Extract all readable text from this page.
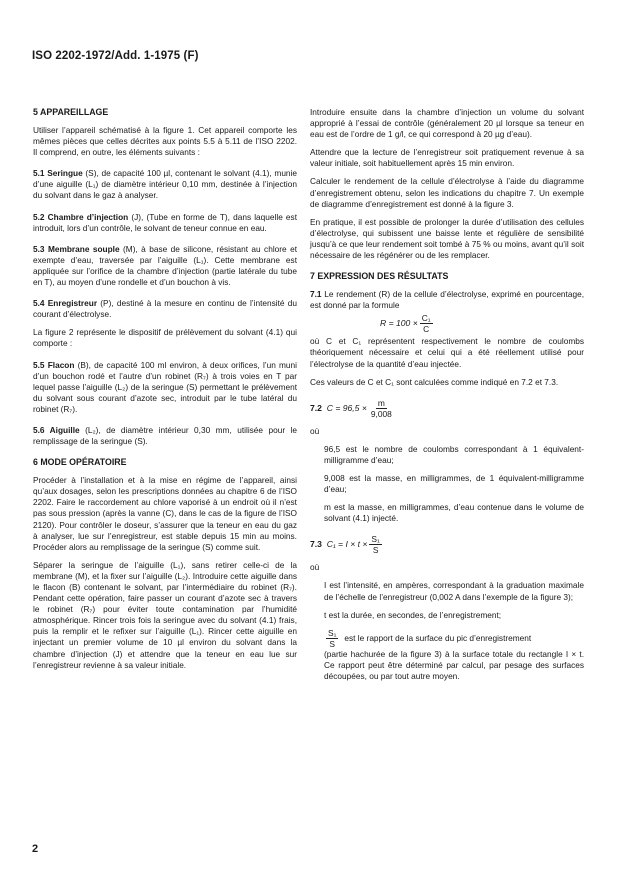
ISO 2202-1972/Add. 1-1975 (F)
5 APPAREILLAGE

Utiliser l’appareil schématisé à la figure 1. Cet appareil comporte les mêmes pièces que celles décrites aux points 5.5 à 5.11 de l’ISO 2202. Il comprend, en outre, les éléments suivants :

5.1 Seringue (S), de capacité 100 µl, contenant le solvant (4.1), munie d’une aiguille (L₁) de diamètre intérieur 0,10 mm, destinée à l’injection du solvant dans le gaz à analyser.

5.2 Chambre d’injection (J), (Tube en forme de T), dans laquelle est introduit, lors d’un contrôle, le solvant de teneur connue en eau.

5.3 Membrane souple (M), à base de silicone, résistant au chlore et exempte d’eau, traversée par l’aiguille (L₁). Cette membrane est appliquée sur l’orifice de la chambre d’injection (partie latérale du tube en T), au moyen d’une rondelle et d’un bouchon à vis.

5.4 Enregistreur (P), destiné à la mesure en continu de l’intensité du courant d’électrolyse.

La figure 2 représente le dispositif de prélèvement du solvant (4.1) qui comporte :

5.5 Flacon (B), de capacité 100 ml environ, à deux orifices, l’un muni d’un bouchon rodé et l’autre d’un robinet (R₇) à trois voies en T par lequel passe l’aiguille (L₂) de la seringue (S) permettant le prélèvement du solvant sous courant d’azote sec, introduit par le tube latéral du robinet (R₇).

5.6 Aiguille (L₂), de diamètre intérieur 0,30 mm, utilisée pour le remplissage de la seringue (S).

6 MODE OPÉRATOIRE

Procéder à l’installation et à la mise en régime de l’appareil, ainsi qu’aux dosages, selon les prescriptions données au chapitre 6 de l’ISO 2202. Faire le raccordement au chlore vaporisé à un endroit où il n’est pas sous pression (après la vanne (C), dans le cas de la figure de l’ISO 2120). Pour contrôler le doseur, s’assurer que la teneur en eau du gaz à analyser, lue sur l’enregistreur, est stable depuis 15 min au moins. Procéder alors au remplissage de la seringue (S) comme suit.

Séparer la seringue de l’aiguille (L₁), sans retirer celle-ci de la membrane (M), et la fixer sur l’aiguille (L₂). Introduire cette aiguille dans le flacon (B) contenant le solvant, par l’intermédiaire du robinet (R₇). Pendant cette opération, faire passer un courant d’azote sec à travers le robinet (R₇) pour éviter toute contamination par l’humidité atmosphérique. Rincer trois fois la seringue avec du solvant (4.1) frais, puis la remplir et le refixer sur l’aiguille (L₁). Rincer cette aiguille en injectant un premier volume de 10 µl environ du solvant dans la chambre d’injection (J) et attendre que la teneur en eau lue sur l’enregistreur revienne à sa valeur initiale.

Introduire ensuite dans la chambre d’injection un volume du solvant approprié à l’essai de contrôle (généralement 20 µl lorsque sa teneur en eau est de l’ordre de 1 g/l, ce qui correspond à 20 µg d’eau).

Attendre que la lecture de l’enregistreur soit pratiquement revenue à sa valeur initiale, soit habituellement après 15 min environ.

Calculer le rendement de la cellule d’électrolyse à l’aide du diagramme d’enregistrement obtenu, selon les indications du chapitre 7. Un exemple de diagramme d’enregistrement est donné à la figure 3.

En pratique, il est possible de prolonger la durée d’utilisation des cellules d’électrolyse, qui subissent une baisse lente et régulière de sensibilité jusqu’à ce que leur rendement soit tombé à 75 % ou moins, avant qu’il soit nécessaire de les régénérer ou de les remplacer.

7 EXPRESSION DES RÉSULTATS

7.1 Le rendement (R) de la cellule d’électrolyse, exprimé en pourcentage, est donné par la formule

$R = 100 \times \frac{\text{C₁}}{C}$

où C et C₁ représentent respectivement le nombre de coulombs théoriquement nécessaire et celui qui a été réellement utilisé pour l’électrolyse de la quantité d’eau injectée.

Ces valeurs de C et C₁ sont calculées comme indiqué en 7.2 et 7.3.

7.2
$C = 96,5 \times \frac{m}{9,008}$

où

96,5 est le nombre de coulombs correspondant à 1 équivalent-milligramme d’eau;

9,008 est la masse, en milligrammes, de 1 équivalent-milligramme d’eau;

m est la masse, en milligrammes, d’eau contenue dans le volume de solvant (4.1) injecté.

7.3
$C_1 = I \times t \times \frac{\text{S₁}}{S}$

où

I est l’intensité, en ampères, correspondant à la graduation maximale de l’échelle de l’enregistreur (0,002 A dans l’exemple de la figure 3);

t est la durée, en secondes, de l’enregistrement;

$\frac{\text{S₁}}{S}$ est le rapport de la surface du pic d’enregistrement

(partie hachurée de la figure 3) à la surface totale du rectangle I × t. Ce rapport peut être déterminé par calcul, par pesage des surfaces découpées, ou par tout autre moyen.

2
